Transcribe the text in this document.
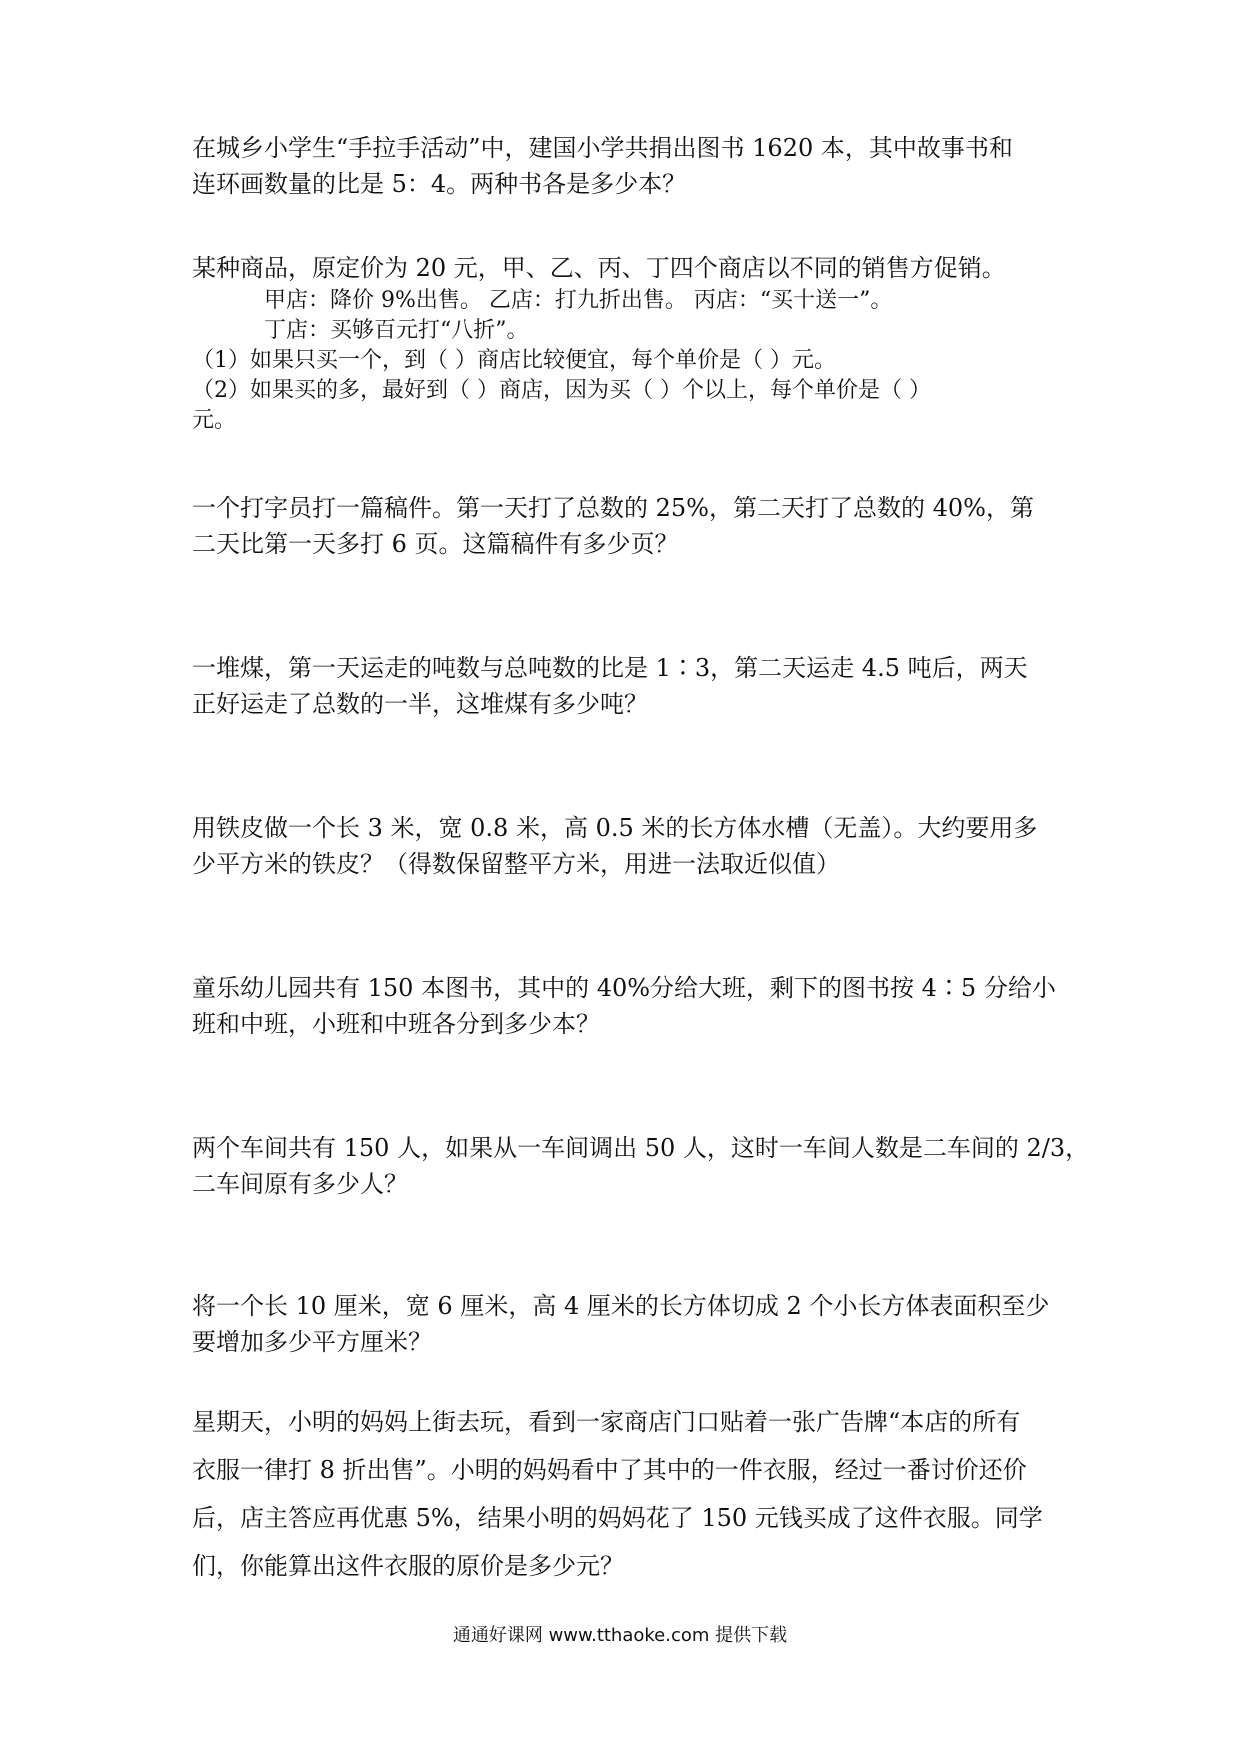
在城乡小学生“手拉手活动”中，建国小学共捐出图书 1620 本，其中故事书和
连环画数量的比是 5：4。两种书各是多少本？
某种商品，原定价为 20 元，甲、乙、丙、丁四个商店以不同的销售方促销。
甲店：降价 9%出售。 乙店：打九折出售。 丙店：“买十送一”。
丁店：买够百元打“八折”。
（1）如果只买一个，到（ ）商店比较便宜，每个单价是（ ）元。
（2）如果买的多，最好到（ ）商店，因为买（ ）个以上，每个单价是（ ）
元。
一个打字员打一篇稿件。第一天打了总数的 25%，第二天打了总数的 40%，第
二天比第一天多打 6 页。这篇稿件有多少页？
一堆煤，第一天运走的吨数与总吨数的比是 1∶3，第二天运走 4.5 吨后，两天
正好运走了总数的一半，这堆煤有多少吨？
用铁皮做一个长 3 米，宽 0.8 米，高 0.5 米的长方体水槽（无盖）。大约要用多
少平方米的铁皮？（得数保留整平方米，用进一法取近似值）
童乐幼儿园共有 150 本图书，其中的 40%分给大班，剩下的图书按 4∶5 分给小
班和中班，小班和中班各分到多少本？
两个车间共有 150 人，如果从一车间调出 50 人，这时一车间人数是二车间的 2/3，
二车间原有多少人？
将一个长 10 厘米，宽 6 厘米，高 4 厘米的长方体切成 2 个小长方体表面积至少
要增加多少平方厘米？
星期天，小明的妈妈上街去玩，看到一家商店门口贴着一张广告牌“本店的所有
衣服一律打 8 折出售”。小明的妈妈看中了其中的一件衣服，经过一番讨价还价
后，店主答应再优惠 5%，结果小明的妈妈花了 150 元钱买成了这件衣服。同学
们，你能算出这件衣服的原价是多少元？
通通好课网 www.tthaoke.com 提供下载
